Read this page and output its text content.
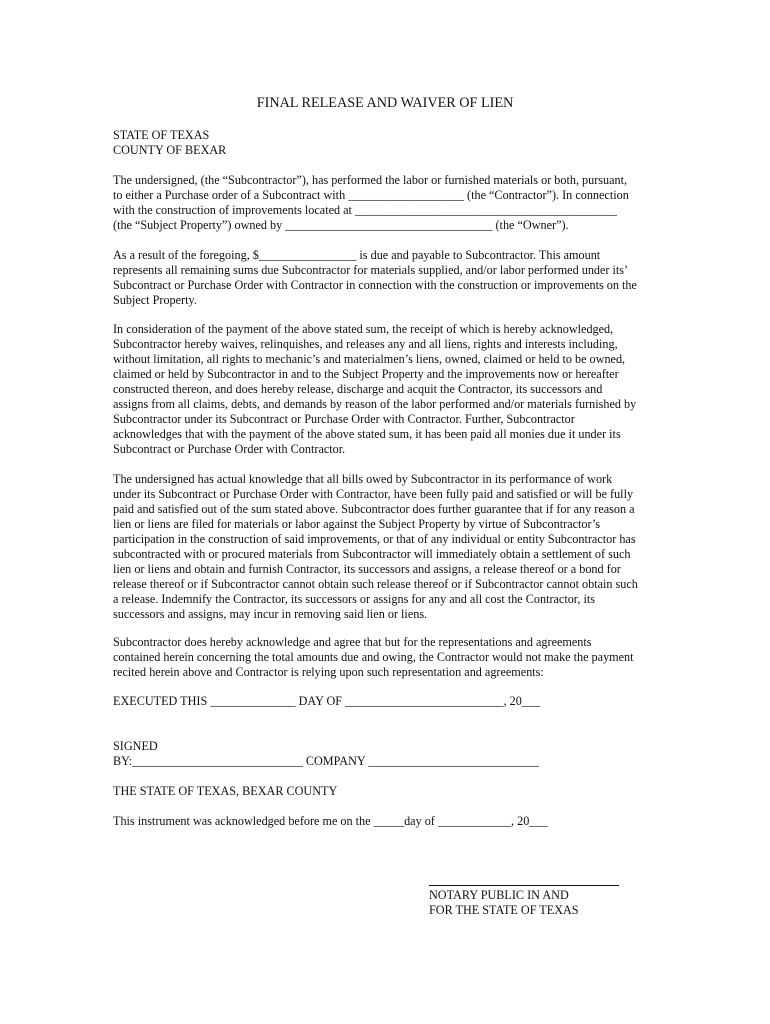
FINAL RELEASE AND WAIVER OF LIEN
STATE OF TEXAS
COUNTY OF BEXAR
The undersigned, (the “Subcontractor”), has performed the labor or furnished materials or both, pursuant,
to either a Purchase order of a Subcontract with ___________________ (the “Contractor”). In connection
with the construction of improvements located at ___________________________________________
(the “Subject Property”) owned by __________________________________ (the “Owner”).
As a result of the foregoing, $________________ is due and payable to Subcontractor. This amount
represents all remaining sums due Subcontractor for materials supplied, and/or labor performed under its’
Subcontract or Purchase Order with Contractor in connection with the construction or improvements on the
Subject Property.
In consideration of the payment of the above stated sum, the receipt of which is hereby acknowledged,
Subcontractor hereby waives, relinquishes, and releases any and all liens, rights and interests including,
without limitation, all rights to mechanic’s and materialmen’s liens, owned, claimed or held to be owned,
claimed or held by Subcontractor in and to the Subject Property and the improvements now or hereafter
constructed thereon, and does hereby release, discharge and acquit the Contractor, its successors and
assigns from all claims, debts, and demands by reason of the labor performed and/or materials furnished by
Subcontractor under its Subcontract or Purchase Order with Contractor. Further, Subcontractor
acknowledges that with the payment of the above stated sum, it has been paid all monies due it under its
Subcontract or Purchase Order with Contractor.
The undersigned has actual knowledge that all bills owed by Subcontractor in its performance of work
under its Subcontract or Purchase Order with Contractor, have been fully paid and satisfied or will be fully
paid and satisfied out of the sum stated above. Subcontractor does further guarantee that if for any reason a
lien or liens are filed for materials or labor against the Subject Property by virtue of Subcontractor’s
participation in the construction of said improvements, or that of any individual or entity Subcontractor has
subcontracted with or procured materials from Subcontractor will immediately obtain a settlement of such
lien or liens and obtain and furnish Contractor, its successors and assigns, a release thereof or a bond for
release thereof or if Subcontractor cannot obtain such release thereof or if Subcontractor cannot obtain such
a release. Indemnify the Contractor, its successors or assigns for any and all cost the Contractor, its
successors and assigns, may incur in removing said lien or liens.
Subcontractor does hereby acknowledge and agree that but for the representations and agreements
contained herein concerning the total amounts due and owing, the Contractor would not make the payment
recited herein above and Contractor is relying upon such representation and agreements:
EXECUTED THIS ______________ DAY OF __________________________, 20___
SIGNED
BY:____________________________ COMPANY ____________________________
THE STATE OF TEXAS, BEXAR COUNTY
This instrument was acknowledged before me on the _____day of ____________, 20___
NOTARY PUBLIC IN AND
FOR THE STATE OF TEXAS
